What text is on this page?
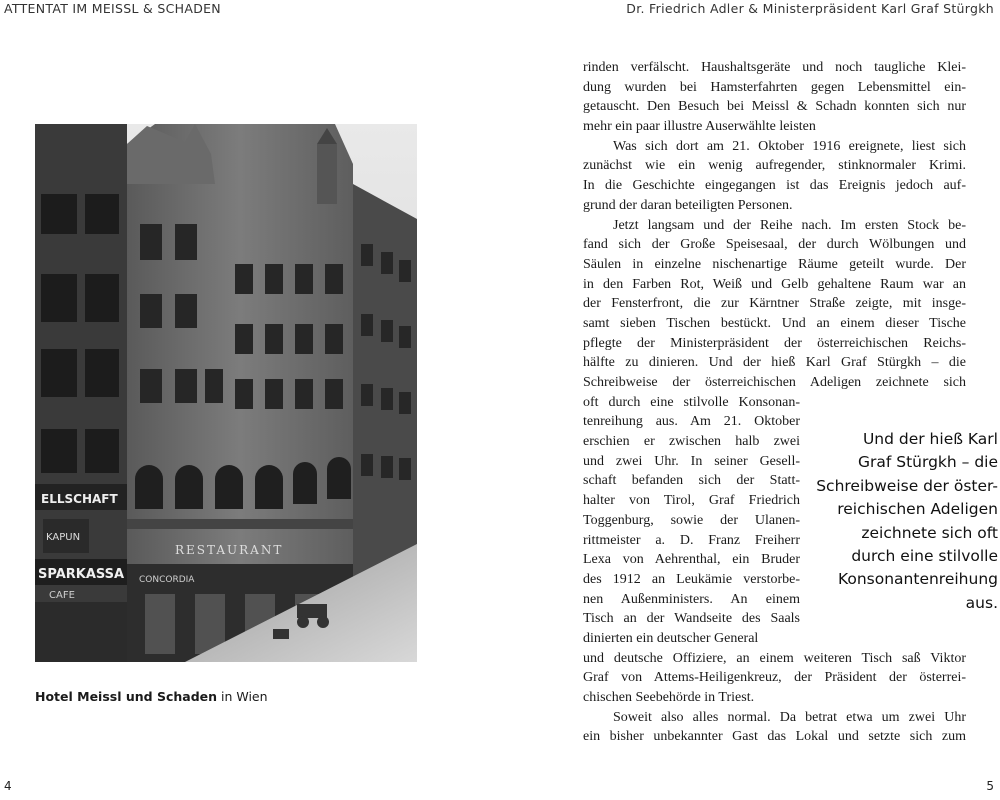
ATTENTAT IM MEISSL & SCHADEN	Dr. Friedrich Adler & Ministerpräsident Karl Graf Stürgkh
ELLSCHAFT
KAPUN
SPARKASSA
CAFE
RESTAURANT
CONCORDIA
Hotel Meissl und Schaden in Wien
rinden verfälscht. Haushaltsgeräte und noch taugliche Klei-
dung wurden bei Hamsterfahrten gegen Lebensmittel ein-
getauscht. Den Besuch bei Meissl & Schadn konnten sich nur
mehr ein paar illustre Auserwählte leisten
Was sich dort am 21. Oktober 1916 ereignete, liest sich
zunächst wie ein wenig aufregender, stinknormaler Krimi.
In die Geschichte eingegangen ist das Ereignis jedoch auf-
grund der daran beteiligten Personen.
Jetzt langsam und der Reihe nach. Im ersten Stock be-
fand sich der Große Speisesaal, der durch Wölbungen und
Säulen in einzelne nischenartige Räume geteilt wurde. Der
in den Farben Rot, Weiß und Gelb gehaltene Raum war an
der Fensterfront, die zur Kärntner Straße zeigte, mit insge-
samt sieben Tischen bestückt. Und an einem dieser Tische
pflegte der Ministerpräsident der österreichischen Reichs-
hälfte zu dinieren. Und der hieß Karl Graf Stürgkh – die
Schreibweise der österreichischen Adeligen zeichnete sich
oft durch eine stilvolle Konsonan-
tenreihung aus. Am 21. Oktober
erschien er zwischen halb zwei
und zwei Uhr. In seiner Gesell-
schaft befanden sich der Statt-
halter von Tirol, Graf Friedrich
Toggenburg, sowie der Ulanen-
rittmeister a. D. Franz Freiherr
Lexa von Aehrenthal, ein Bruder
des 1912 an Leukämie verstorbe-
nen Außenministers. An einem
Tisch an der Wandseite des Saals
dinierten ein deutscher General
und deutsche Offiziere, an einem weiteren Tisch saß Viktor
Graf von Attems-Heiligenkreuz, der Präsident der österrei-
chischen Seebehörde in Triest.
Soweit also alles normal. Da betrat etwa um zwei Uhr
ein bisher unbekannter Gast das Lokal und setzte sich zum
Und der hieß Karl
Graf Stürgkh – die
Schreibweise der öster-
reichischen Adeligen
zeichnete sich oft
durch eine stilvolle
Konsonantenreihung
aus.
4	5
